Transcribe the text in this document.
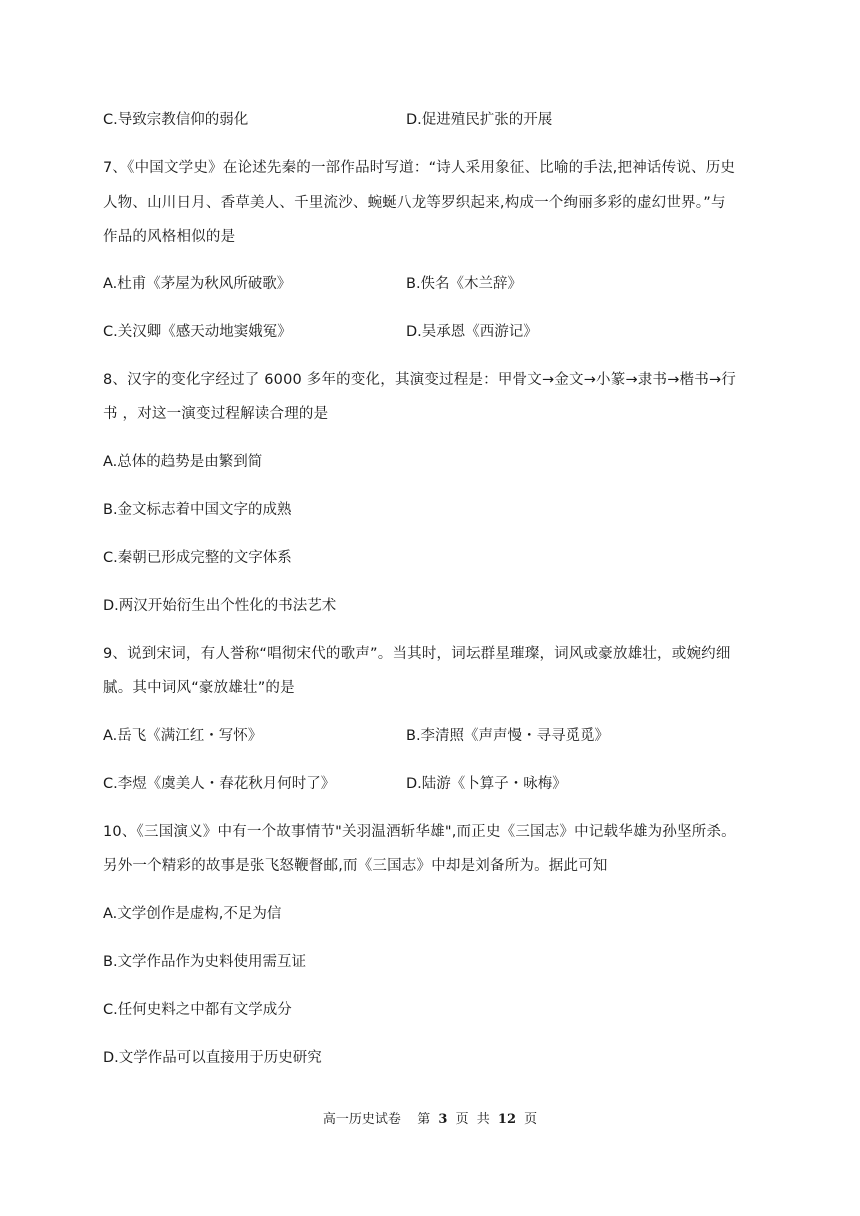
C.导致宗教信仰的弱化	D.促进殖民扩张的开展
7、《中国文学史》在论述先秦的一部作品时写道：“诗人采用象征、比喻的手法,把神话传说、历史
人物、山川日月、香草美人、千里流沙、蜿蜒八龙等罗织起来,构成一个绚丽多彩的虚幻世界。”与
作品的风格相似的是
A.杜甫《茅屋为秋风所破歌》	B.佚名《木兰辞》
C.关汉卿《感天动地窦娥冤》	D.吴承恩《西游记》
8、汉字的变化字经过了 6000 多年的变化，其演变过程是：甲骨文→金文→小篆→隶书→楷书→行
书 ，对这一演变过程解读合理的是
A.总体的趋势是由繁到简
B.金文标志着中国文字的成熟
C.秦朝已形成完整的文字体系
D.两汉开始衍生出个性化的书法艺术
9、说到宋词，有人誉称“唱彻宋代的歌声”。当其时，词坛群星璀璨，词风或豪放雄壮，或婉约细
腻。其中词风“豪放雄壮”的是
A.岳飞《满江红・写怀》	B.李清照《声声慢・寻寻觅觅》
C.李煜《虞美人・春花秋月何时了》	D.陆游《卜算子・咏梅》
10、《三国演义》中有一个故事情节"关羽温酒斩华雄",而正史《三国志》中记载华雄为孙坚所杀。
另外一个精彩的故事是张飞怒鞭督邮,而《三国志》中却是刘备所为。据此可知
A.文学创作是虚构,不足为信
B.文学作品作为史料使用需互证
C.任何史料之中都有文学成分
D.文学作品可以直接用于历史研究
高一历史试卷 第 3 页 共 12 页
